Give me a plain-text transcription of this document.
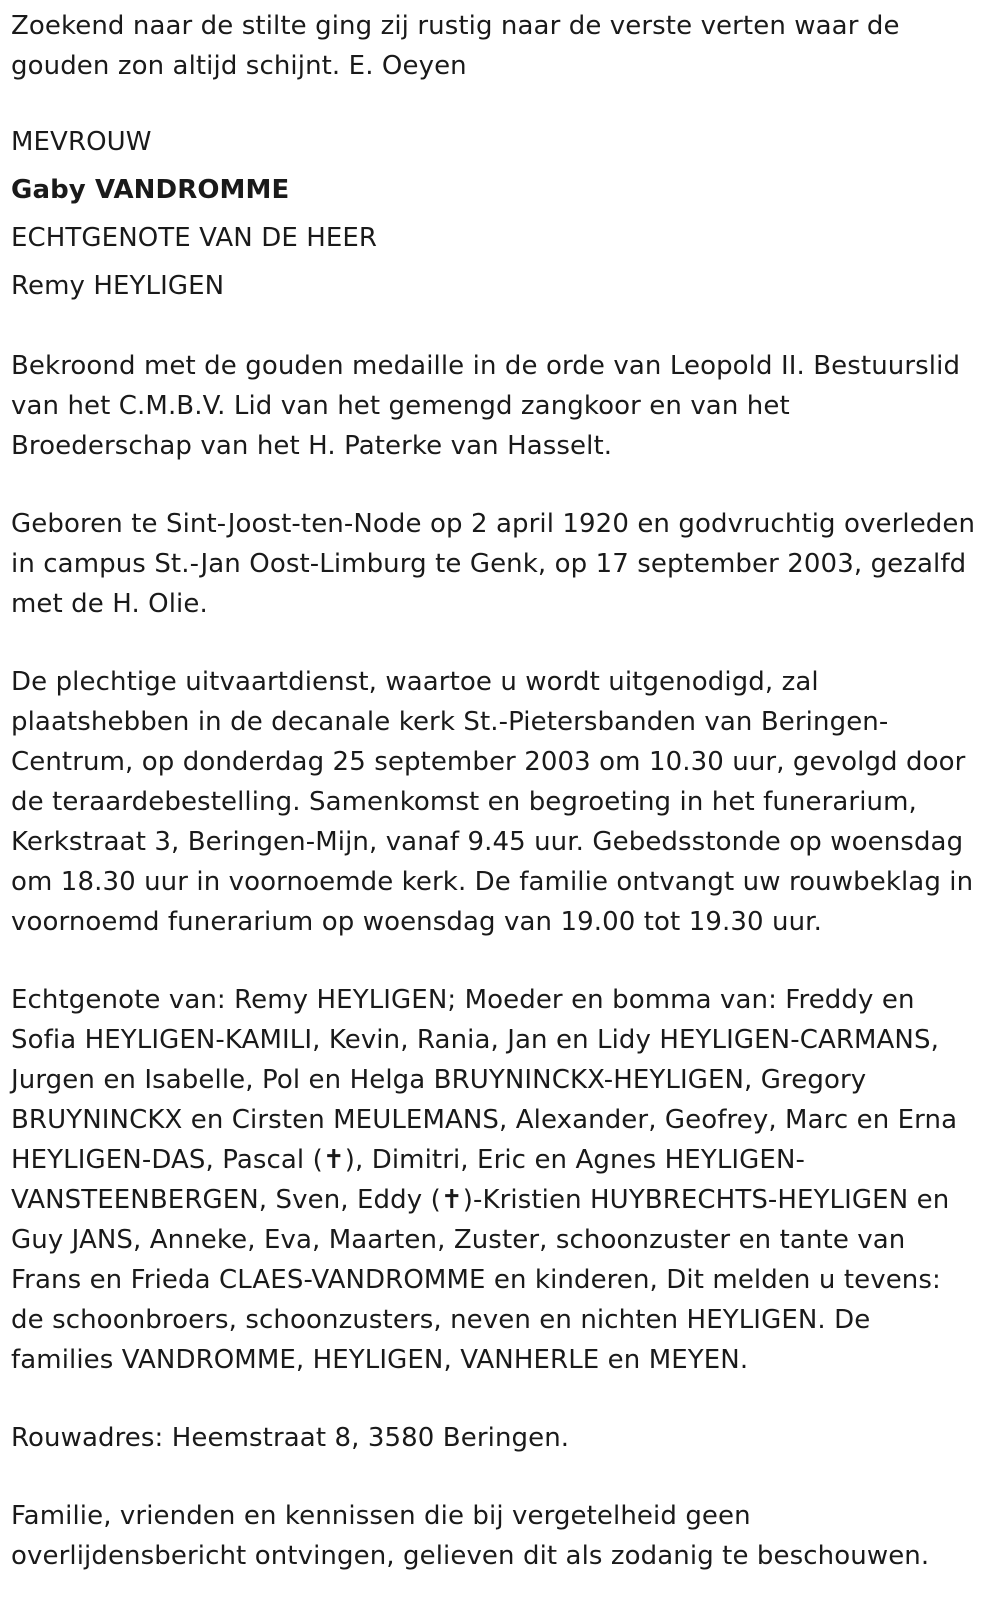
Zoekend naar de stilte ging zij rustig naar de verste verten waar de gouden zon altijd schijnt. E. Oeyen

MEVROUW
Gaby VANDROMME
ECHTGENOTE VAN DE HEER
Remy HEYLIGEN

Bekroond met de gouden medaille in de orde van Leopold II. Bestuurslid van het C.M.B.V. Lid van het gemengd zangkoor en van het Broederschap van het H. Paterke van Hasselt.

Geboren te Sint-Joost-ten-Node op 2 april 1920 en godvruchtig overleden in campus St.-Jan Oost-Limburg te Genk, op 17 september 2003, gezalfd met de H. Olie.

De plechtige uitvaartdienst, waartoe u wordt uitgenodigd, zal plaatshebben in de decanale kerk St.-Pietersbanden van Beringen-Centrum, op donderdag 25 september 2003 om 10.30 uur, gevolgd door de teraardebestelling. Samenkomst en begroeting in het funerarium, Kerkstraat 3, Beringen-Mijn, vanaf 9.45 uur. Gebedsstonde op woensdag om 18.30 uur in voornoemde kerk. De familie ontvangt uw rouwbeklag in voornoemd funerarium op woensdag van 19.00 tot 19.30 uur.

Echtgenote van: Remy HEYLIGEN; Moeder en bomma van: Freddy en Sofia HEYLIGEN-KAMILI, Kevin, Rania, Jan en Lidy HEYLIGEN-CARMANS, Jurgen en Isabelle, Pol en Helga BRUYNINCKX-HEYLIGEN, Gregory BRUYNINCKX en Cirsten MEULEMANS, Alexander, Geofrey, Marc en Erna HEYLIGEN-DAS, Pascal (✝), Dimitri, Eric en Agnes HEYLIGEN-VANSTEENBERGEN, Sven, Eddy (✝)-Kristien HUYBRECHTS-HEYLIGEN en Guy JANS, Anneke, Eva, Maarten, Zuster, schoonzuster en tante van Frans en Frieda CLAES-VANDROMME en kinderen, Dit melden u tevens: de schoonbroers, schoonzusters, neven en nichten HEYLIGEN. De families VANDROMME, HEYLIGEN, VANHERLE en MEYEN.

Rouwadres: Heemstraat 8, 3580 Beringen.

Familie, vrienden en kennissen die bij vergetelheid geen overlijdensbericht ontvingen, gelieven dit als zodanig te beschouwen.
